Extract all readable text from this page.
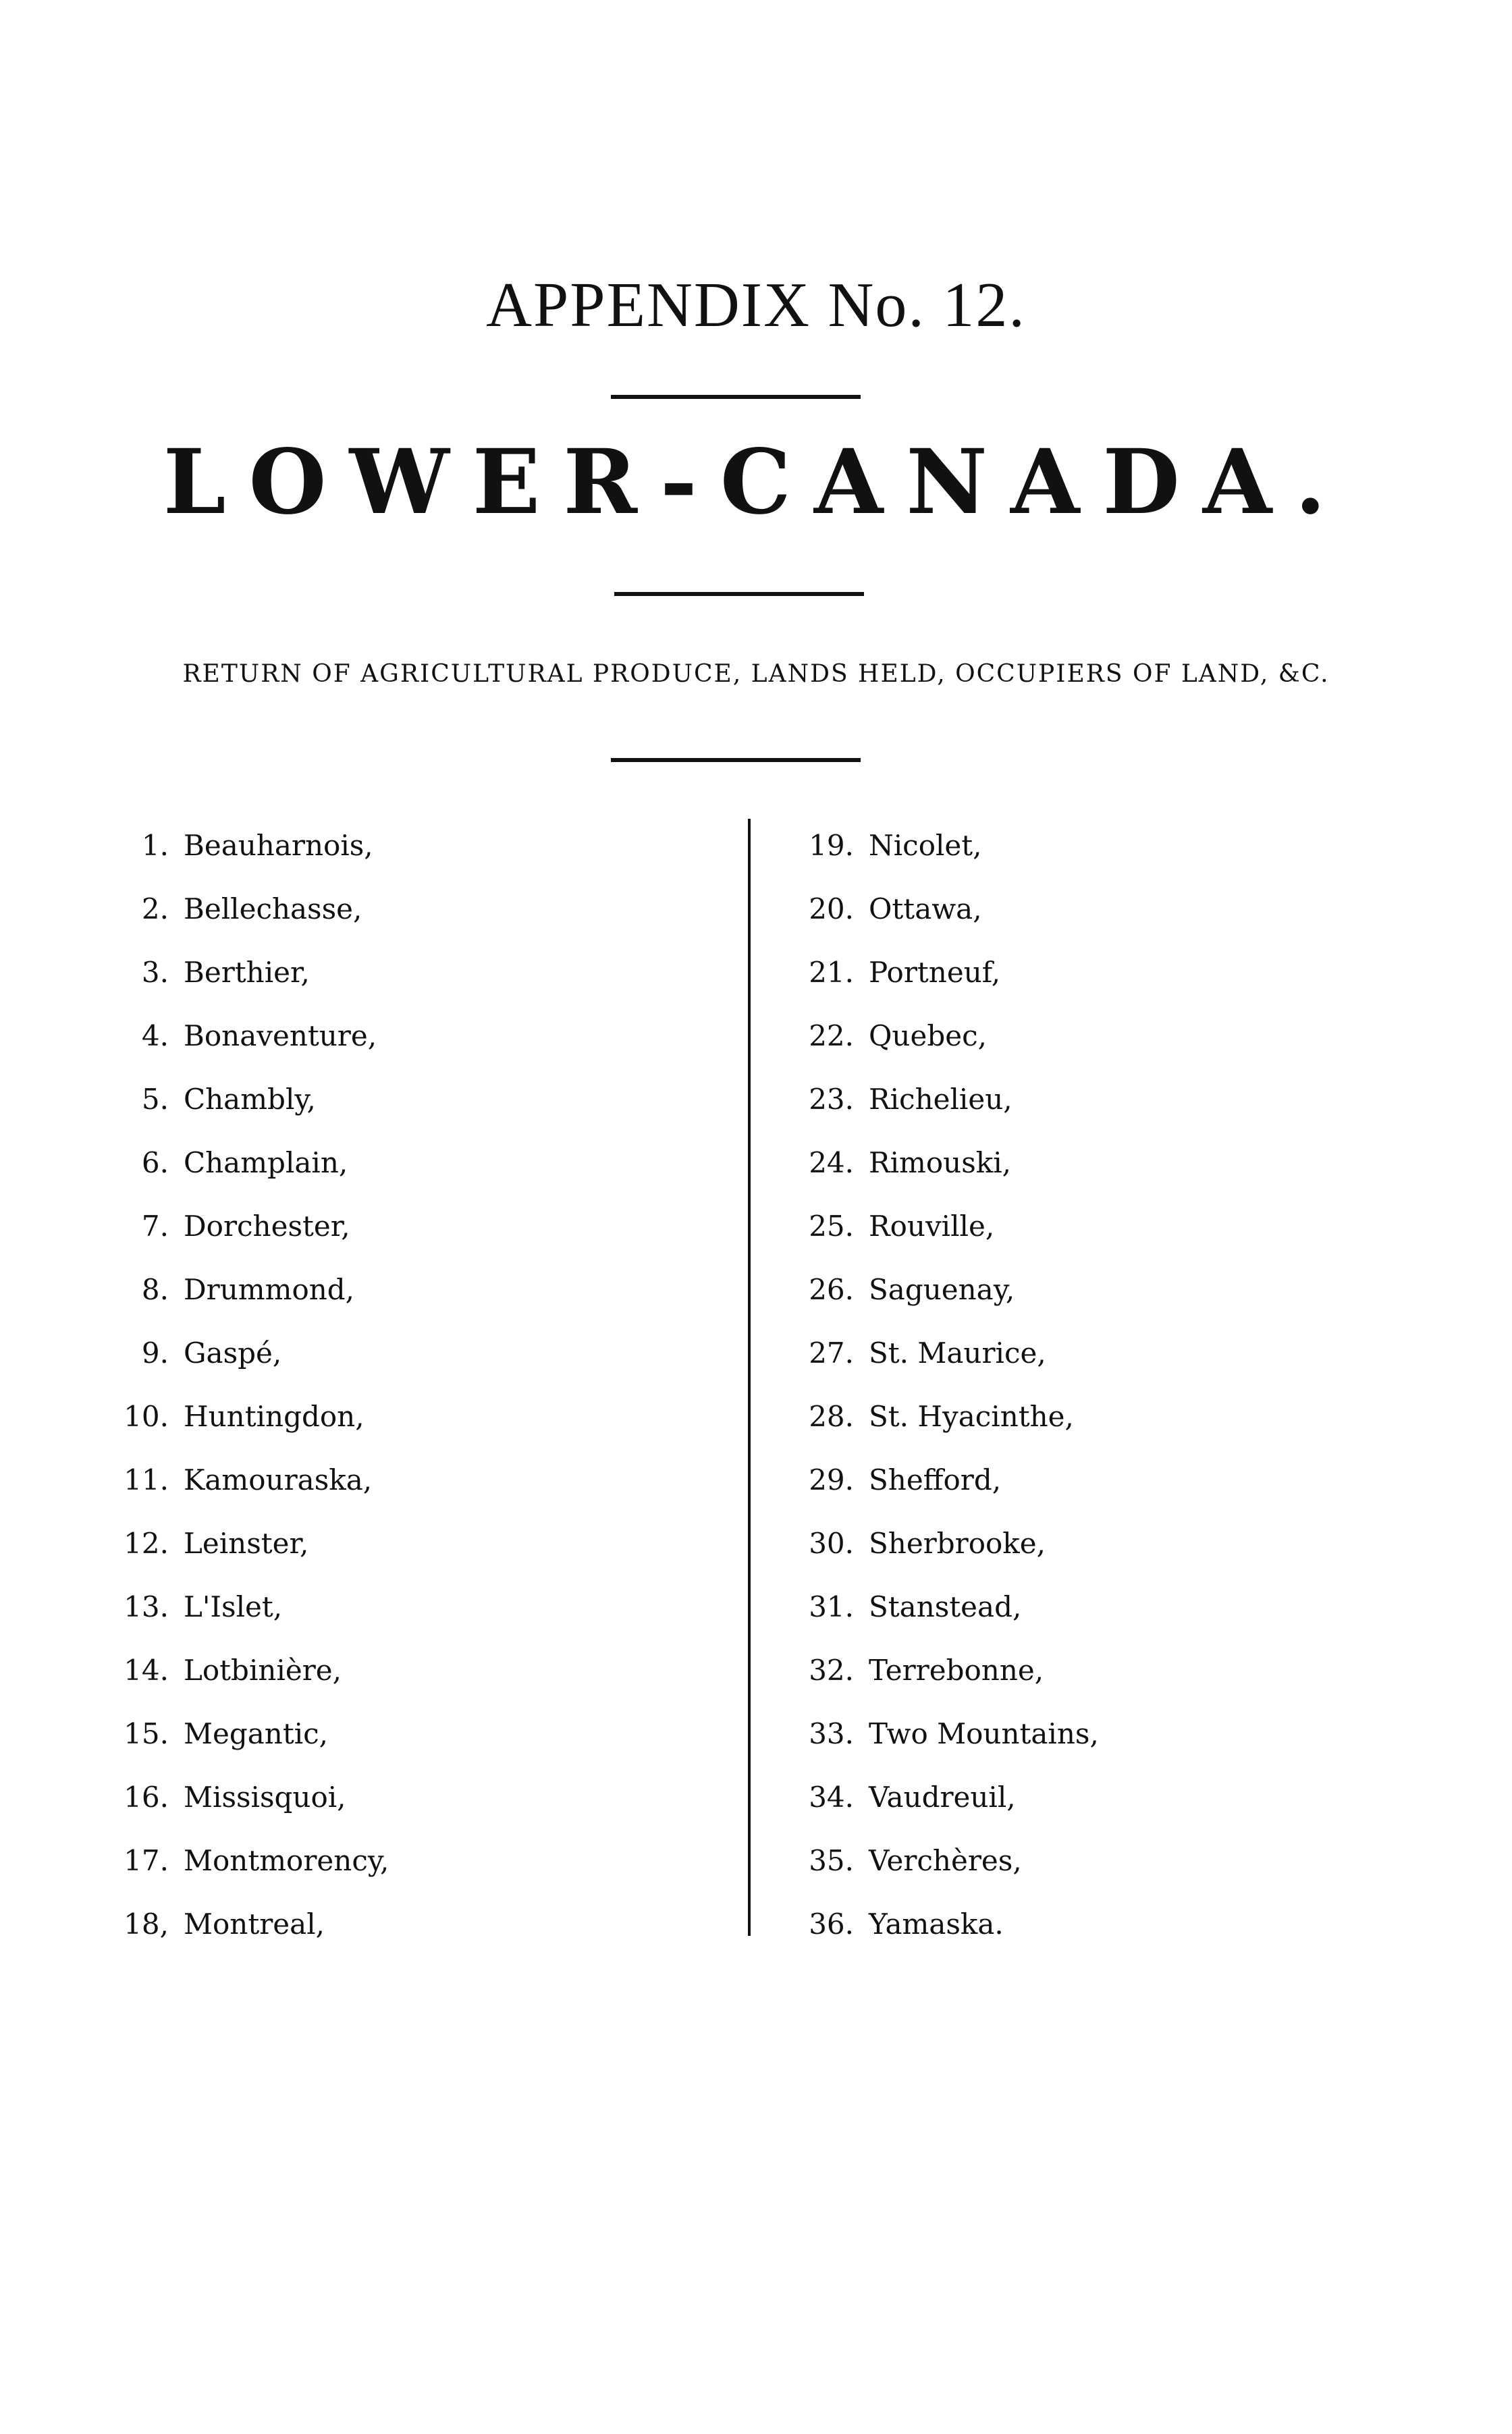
APPENDIX No. 12.
LOWER-CANADA.
RETURN OF AGRICULTURAL PRODUCE, LANDS HELD, OCCUPIERS OF LAND, &C.
1. Beauharnois,
2. Bellechasse,
3. Berthier,
4. Bonaventure,
5. Chambly,
6. Champlain,
7. Dorchester,
8. Drummond,
9. Gaspé,
10. Huntingdon,
11. Kamouraska,
12. Leinster,
13. L'Islet,
14. Lotbinière,
15. Megantic,
16. Missisquoi,
17. Montmorency,
18, Montreal,
19. Nicolet,
20. Ottawa,
21. Portneuf,
22. Quebec,
23. Richelieu,
24. Rimouski,
25. Rouville,
26. Saguenay,
27. St. Maurice,
28. St. Hyacinthe,
29. Shefford,
30. Sherbrooke,
31. Stanstead,
32. Terrebonne,
33. Two Mountains,
34. Vaudreuil,
35. Verchères,
36. Yamaska.
